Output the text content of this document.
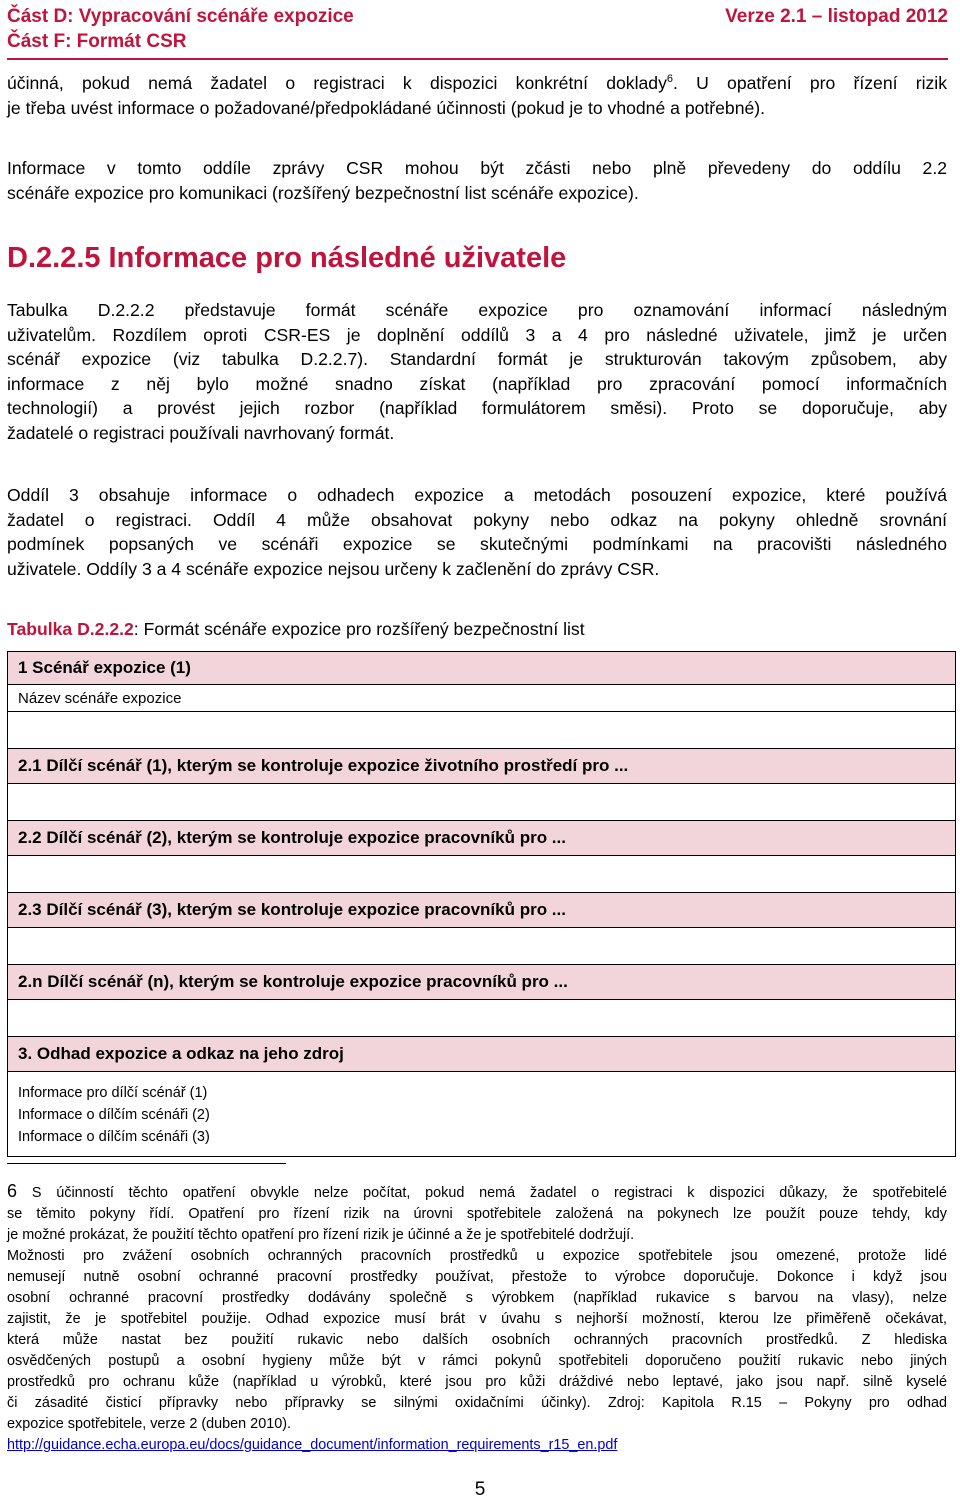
Část D: Vypracování scénáře expozice	Verze 2.1 – listopad 2012
Část F: Formát CSR
účinná, pokud nemá žadatel o registraci k dispozici konkrétní doklady$^6$. U opatření pro řízení rizik
je třeba uvést informace o požadované/předpokládané účinnosti (pokud je to vhodné a potřebné).
Informace v tomto oddíle zprávy CSR mohou být zčásti nebo plně převedeny do oddílu 2.2
scénáře expozice pro komunikaci (rozšířený bezpečnostní list scénáře expozice).
D.2.2.5 Informace pro následné uživatele
Tabulka D.2.2.2 představuje formát scénáře expozice pro oznamování informací následným
uživatelům. Rozdílem oproti CSR-ES je doplnění oddílů 3 a 4 pro následné uživatele, jimž je určen
scénář expozice (viz tabulka D.2.2.7). Standardní formát je strukturován takovým způsobem, aby
informace z něj bylo možné snadno získat (například pro zpracování pomocí informačních
technologií) a provést jejich rozbor (například formulátorem směsi). Proto se doporučuje, aby
žadatelé o registraci používali navrhovaný formát.
Oddíl 3 obsahuje informace o odhadech expozice a metodách posouzení expozice, které používá
žadatel o registraci. Oddíl 4 může obsahovat pokyny nebo odkaz na pokyny ohledně srovnání
podmínek popsaných ve scénáři expozice se skutečnými podmínkami na pracovišti následného
uživatele. Oddíly 3 a 4 scénáře expozice nejsou určeny k začlenění do zprávy CSR.
Tabulka D.2.2.2: Formát scénáře expozice pro rozšířený bezpečnostní list
1 Scénář expozice (1)
Název scénáře expozice

2.1 Dílčí scénář (1), kterým se kontroluje expozice životního prostředí pro ...

2.2 Dílčí scénář (2), kterým se kontroluje expozice pracovníků pro ...

2.3 Dílčí scénář (3), kterým se kontroluje expozice pracovníků pro ...

2.n Dílčí scénář (n), kterým se kontroluje expozice pracovníků pro ...

3. Odhad expozice a odkaz na jeho zdroj

Informace pro dílčí scénář (1)
Informace o dílčím scénáři (2)
Informace o dílčím scénáři (3)
6 S účinností těchto opatření obvykle nelze počítat, pokud nemá žadatel o registraci k dispozici důkazy, že spotřebitelé
se těmito pokyny řídí. Opatření pro řízení rizik na úrovni spotřebitele založená na pokynech lze použít pouze tehdy, kdy
je možné prokázat, že použití těchto opatření pro řízení rizik je účinné a že je spotřebitelé dodržují.
Možnosti pro zvážení osobních ochranných pracovních prostředků u expozice spotřebitele jsou omezené, protože lidé
nemusejí nutně osobní ochranné pracovní prostředky používat, přestože to výrobce doporučuje. Dokonce i když jsou
osobní ochranné pracovní prostředky dodávány společně s výrobkem (například rukavice s barvou na vlasy), nelze
zajistit, že je spotřebitel použije. Odhad expozice musí brát v úvahu s nejhorší možností, kterou lze přiměřeně očekávat,
která může nastat bez použití rukavic nebo dalších osobních ochranných pracovních prostředků. Z hlediska
osvědčených postupů a osobní hygieny může být v rámci pokynů spotřebiteli doporučeno použití rukavic nebo jiných
prostředků pro ochranu kůže (například u výrobků, které jsou pro kůži dráždivé nebo leptavé, jako jsou např. silně kyselé
či zásadité čisticí přípravky nebo přípravky se silnými oxidačními účinky). Zdroj: Kapitola R.15 – Pokyny pro odhad
expozice spotřebitele, verze 2 (duben 2010).
http://guidance.echa.europa.eu/docs/guidance_document/information_requirements_r15_en.pdf
5
